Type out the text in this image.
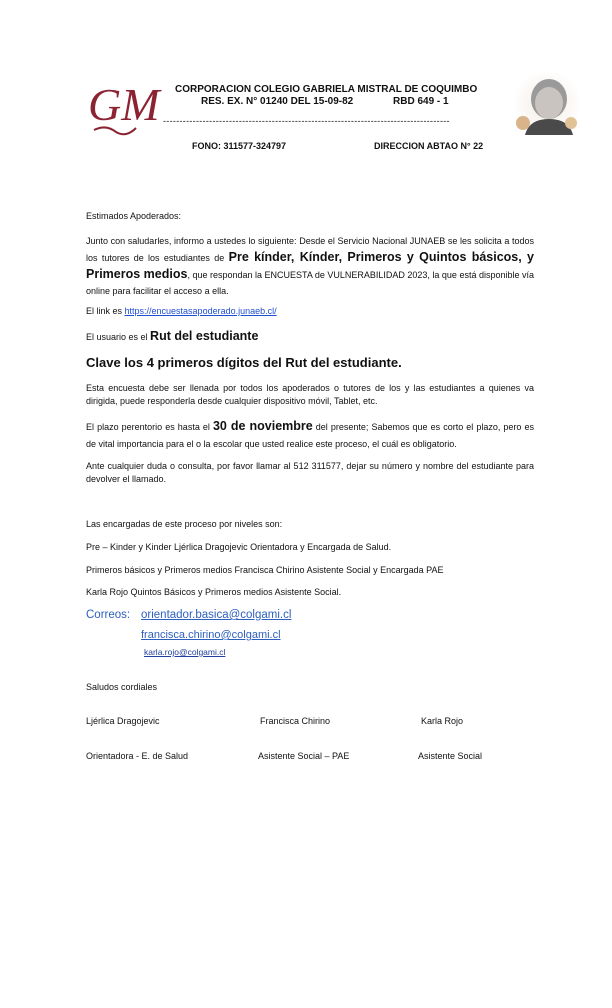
GM CORPORACION COLEGIO GABRIELA MISTRAL DE COQUIMBO
RES. EX. N° 01240 DEL 15-09-82	RBD 649 - 1
---------------------------------------------------------------------------------------
FONO: 311577-324797	DIRECCION ABTAO N° 22
Estimados Apoderados:
Junto con saludarles, informo a ustedes lo siguiente: Desde el Servicio Nacional JUNAEB se les solicita a todos los tutores de los estudiantes de Pre kínder, Kínder, Primeros y Quintos básicos, y Primeros medios, que respondan la ENCUESTA de VULNERABILIDAD 2023, la que está disponible vía online para facilitar el acceso a ella.
El link es https://encuestasapoderado.junaeb.cl/
El usuario es el Rut del estudiante
Clave los 4 primeros dígitos del Rut del estudiante.
Esta encuesta debe ser llenada por todos los apoderados o tutores de los y las estudiantes a quienes va dirigida, puede responderla desde cualquier dispositivo móvil, Tablet, etc.
El plazo perentorio es hasta el 30 de noviembre del presente; Sabemos que es corto el plazo, pero es de vital importancia para el o la escolar que usted realice este proceso, el cuál es obligatorio.
Ante cualquier duda o consulta, por favor llamar al 512 311577, dejar su número y nombre del estudiante para devolver el llamado.
Las encargadas de este proceso por niveles son:
Pre – Kinder y Kinder Ljérlica Dragojevic Orientadora y Encargada de Salud.
Primeros básicos y Primeros medios Francisca Chirino Asistente Social y Encargada PAE
Karla Rojo Quintos Básicos y Primeros medios Asistente Social.
Correos: orientador.basica@colgami.cl
francisca.chirino@colgami.cl
karla.rojo@colgami.cl
Saludos cordiales
Ljérlica Dragojevic	Francisca Chirino	Karla Rojo
Orientadora - E. de Salud	Asistente Social – PAE	Asistente Social
